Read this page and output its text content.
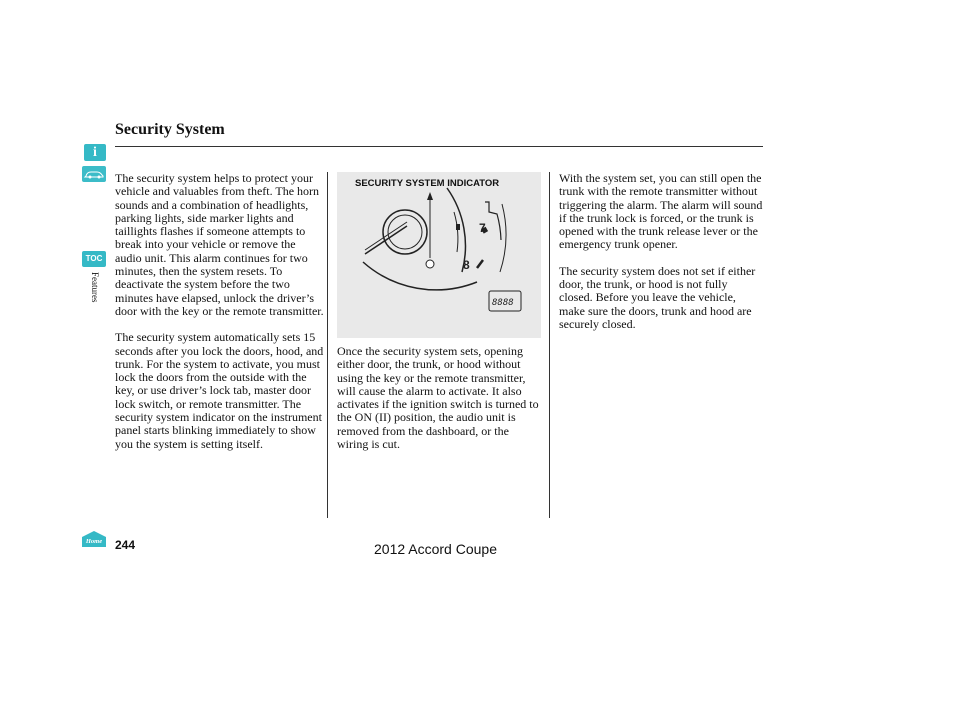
Security System
i
TOC
Features

The security system helps to protect your vehicle and valuables from theft. The horn sounds and a combination of headlights, parking lights, side marker lights and taillights flashes if someone attempts to break into your vehicle or remove the audio unit. This alarm continues for two minutes, then the system resets. To deactivate the system before the two minutes have elapsed, unlock the driver’s door with the key or the remote transmitter.

The security system automatically sets 15 seconds after you lock the doors, hood, and trunk. For the system to activate, you must lock the doors from the outside with the key, or use driver’s lock tab, master door lock switch, or remote transmitter. The security system indicator on the instrument panel starts blinking immediately to show you the system is setting itself.

SECURITY SYSTEM INDICATOR
7
8
8888

Once the security system sets, opening either door, the trunk, or hood without using the key or the remote transmitter, will cause the alarm to activate. It also activates if the ignition switch is turned to the ON (II) position, the audio unit is removed from the dashboard, or the wiring is cut.

With the system set, you can still open the trunk with the remote transmitter without triggering the alarm. The alarm will sound if the trunk lock is forced, or the trunk is opened with the trunk release lever or the emergency trunk opener.

The security system does not set if either door, the trunk, or hood is not fully closed. Before you leave the vehicle, make sure the doors, trunk and hood are securely closed.

Home 244	2012 Accord Coupe
